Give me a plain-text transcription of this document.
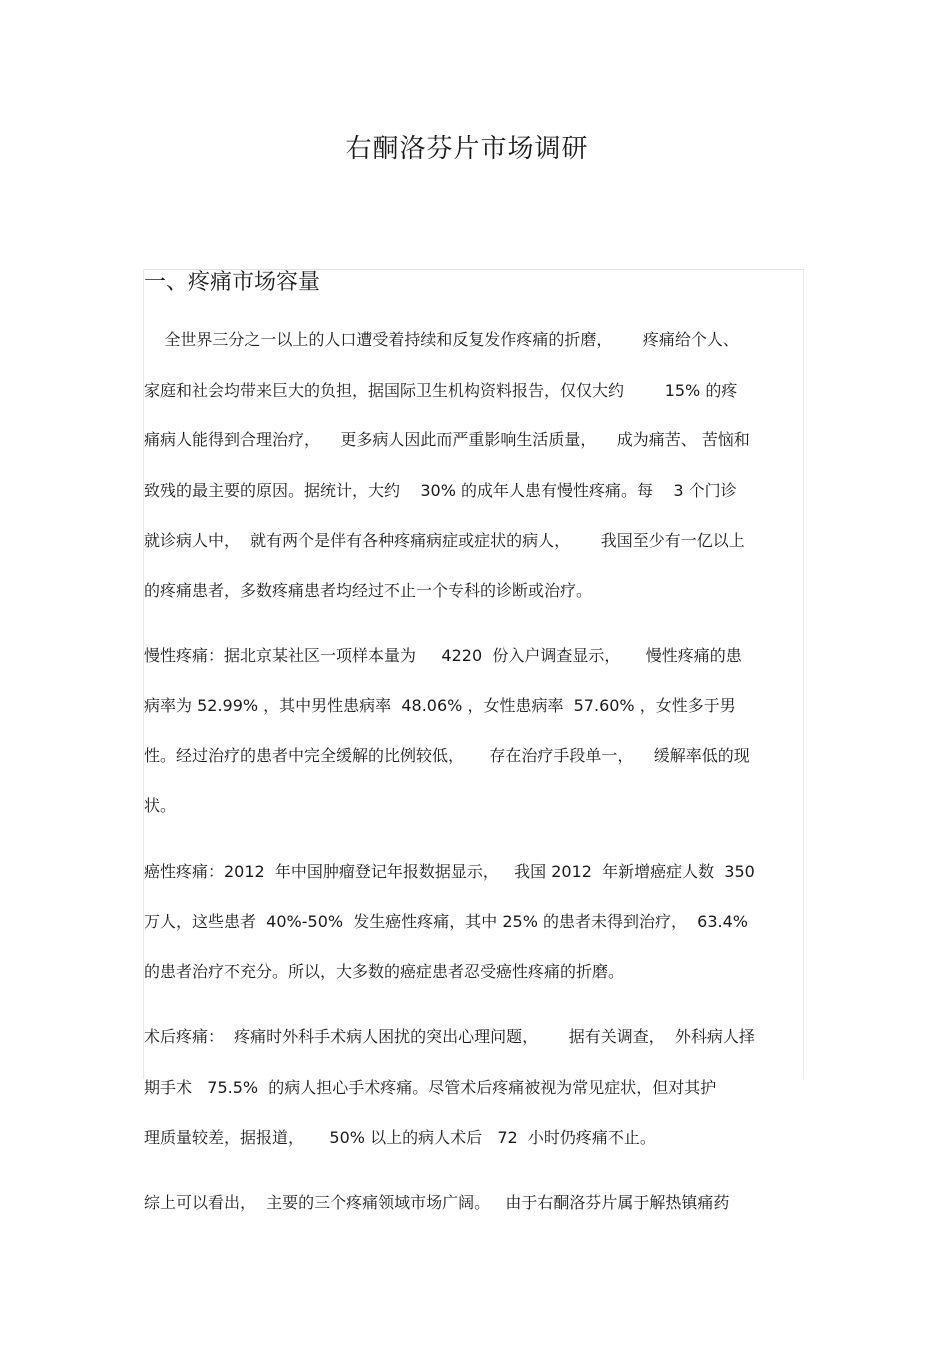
右酮洛芬片市场调研
一、疼痛市场容量

全世界三分之一以上的人口遭受着持续和反复发作疼痛的折磨，      疼痛给个人、

家庭和社会均带来巨大的负担，据国际卫生机构资料报告，仅仅大约        15% 的疼

痛病人能得到合理治疗，    更多病人因此而严重影响生活质量，    成为痛苦、 苦恼和

致残的最主要的原因。据统计，大约    30% 的成年人患有慢性疼痛。每    3 个门诊

就诊病人中，  就有两个是伴有各种疼痛病症或症状的病人，      我国至少有一亿以上

的疼痛患者，多数疼痛患者均经过不止一个专科的诊断或治疗。

慢性疼痛：据北京某社区一项样本量为     4220  份入户调查显示，     慢性疼痛的患

病率为 52.99% ，其中男性患病率  48.06% ，女性患病率  57.60% ，女性多于男

性。经过治疗的患者中完全缓解的比例较低，     存在治疗手段单一，    缓解率低的现

状。

癌性疼痛：2012  年中国肿瘤登记年报数据显示，   我国 2012  年新增癌症人数  350

万人，这些患者  40%-50%  发生癌性疼痛，其中 25% 的患者未得到治疗，  63.4%

的患者治疗不充分。所以，大多数的癌症患者忍受癌性疼痛的折磨。

术后疼痛：  疼痛时外科手术病人困扰的突出心理问题，      据有关调查，  外科病人择

期手术   75.5%  的病人担心手术疼痛。尽管术后疼痛被视为常见症状，但对其护

理质量较差，据报道，     50% 以上的病人术后   72  小时仍疼痛不止。

综上可以看出，  主要的三个疼痛领域市场广阔。   由于右酮洛芬片属于解热镇痛药
